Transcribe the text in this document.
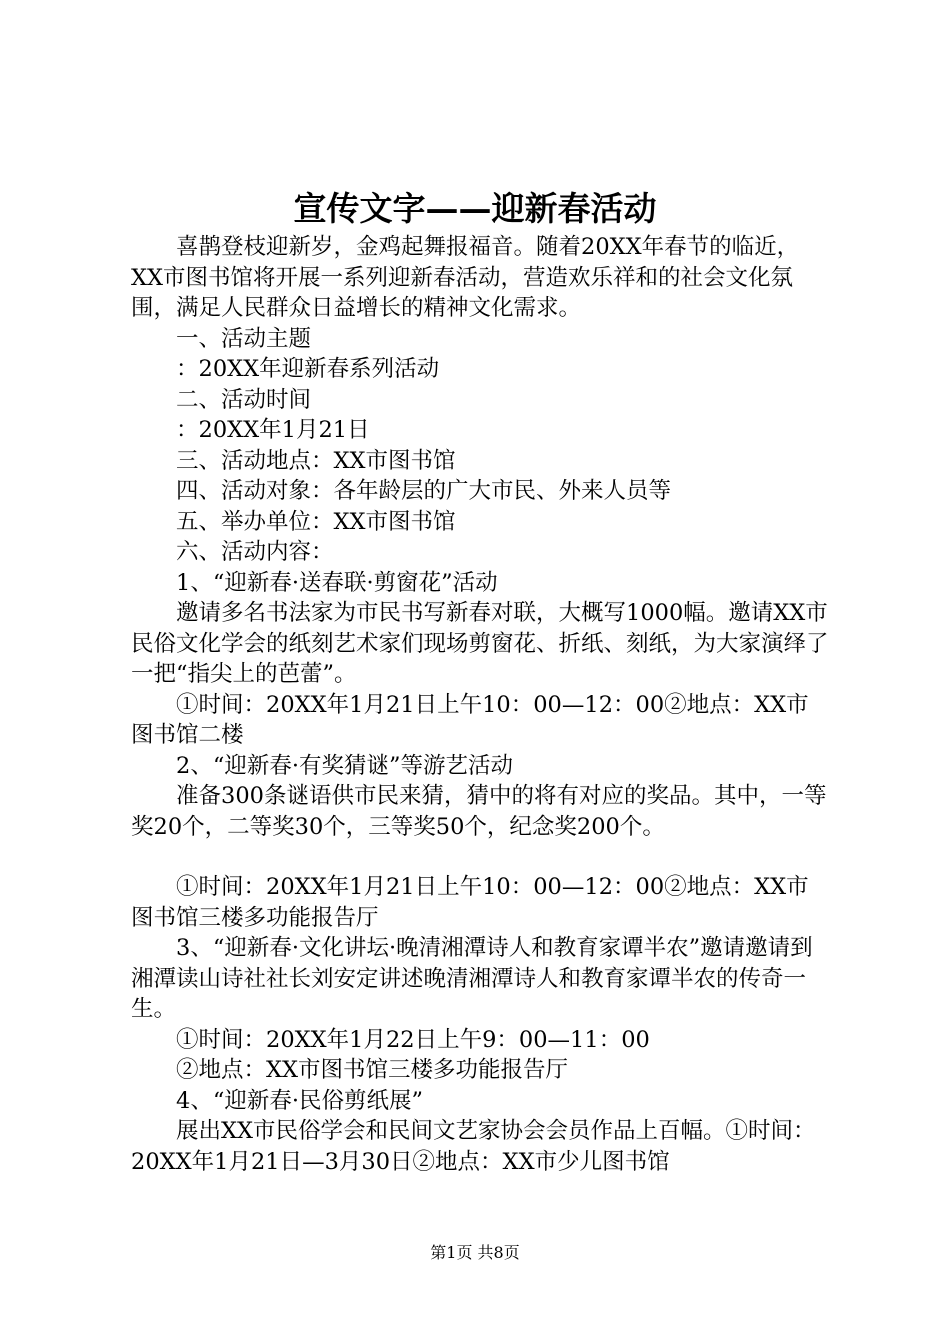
宣传文字——迎新春活动

喜鹊登枝迎新岁，金鸡起舞报福音。随着20XX年春节的临近，XX市图书馆将开展一系列迎新春活动，营造欢乐祥和的社会文化氛围，满足人民群众日益增长的精神文化需求。

一、活动主题

：20XX年迎新春系列活动

二、活动时间

：20XX年1月21日

三、活动地点：XX市图书馆

四、活动对象：各年龄层的广大市民、外来人员等

五、举办单位：XX市图书馆

六、活动内容：

1、“迎新春·送春联·剪窗花”活动

邀请多名书法家为市民书写新春对联，大概写1000幅。邀请XX市民俗文化学会的纸刻艺术家们现场剪窗花、折纸、刻纸，为大家演绎了一把“指尖上的芭蕾”。

①时间：20XX年1月21日上午10：00—12：00②地点：XX市图书馆二楼

2、“迎新春·有奖猜谜”等游艺活动

准备300条谜语供市民来猜，猜中的将有对应的奖品。其中，一等奖20个，二等奖30个，三等奖50个，纪念奖200个。

①时间：20XX年1月21日上午10：00—12：00②地点：XX市图书馆三楼多功能报告厅

3、“迎新春·文化讲坛·晚清湘潭诗人和教育家谭半农”邀请邀请到湘潭读山诗社社长刘安定讲述晚清湘潭诗人和教育家谭半农的传奇一生。

①时间：20XX年1月22日上午9：00—11：00

②地点：XX市图书馆三楼多功能报告厅

4、“迎新春·民俗剪纸展”

展出XX市民俗学会和民间文艺家协会会员作品上百幅。①时间：20XX年1月21日—3月30日②地点：XX市少儿图书馆

第1页 共8页
